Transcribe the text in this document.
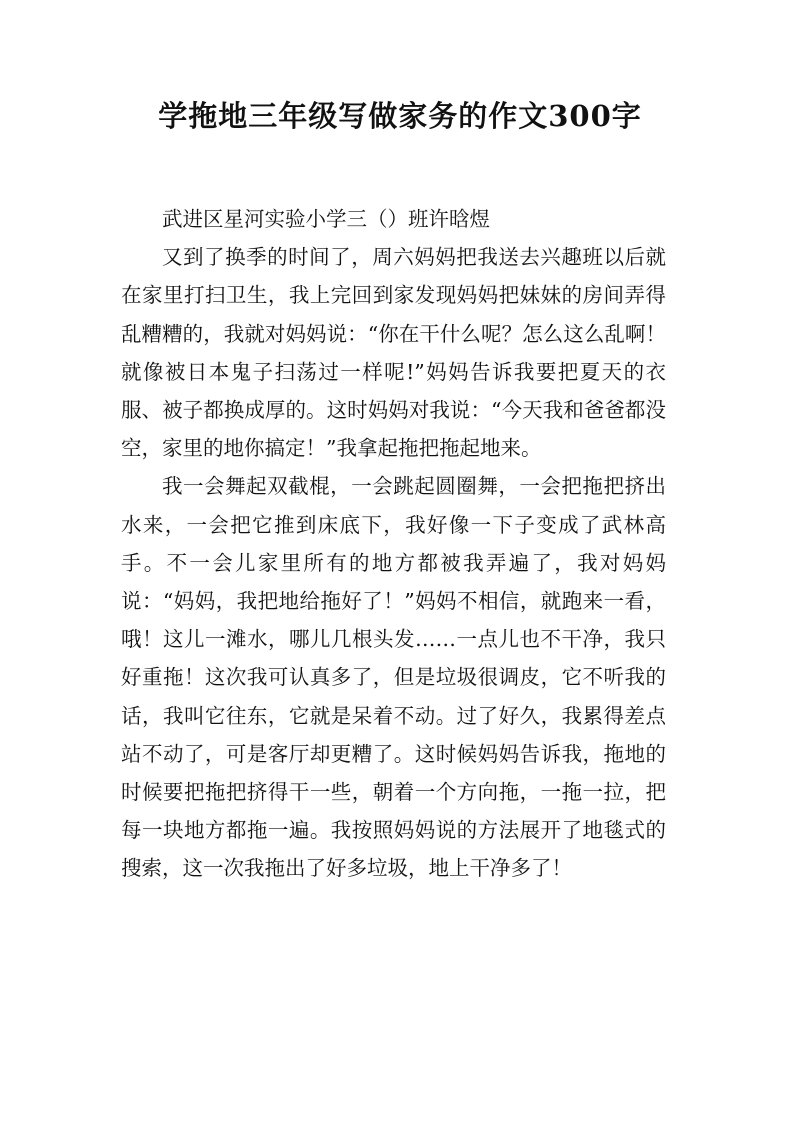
学拖地三年级写做家务的作文300字

武进区星河实验小学三（）班许晗煜

又到了换季的时间了，周六妈妈把我送去兴趣班以后就在家里打扫卫生，我上完回到家发现妈妈把妹妹的房间弄得乱糟糟的，我就对妈妈说：“你在干什么呢？怎么这么乱啊！就像被日本鬼子扫荡过一样呢!”妈妈告诉我要把夏天的衣服、被子都换成厚的。这时妈妈对我说：“今天我和爸爸都没空，家里的地你搞定！”我拿起拖把拖起地来。

我一会舞起双截棍，一会跳起圆圈舞，一会把拖把挤出水来，一会把它推到床底下，我好像一下子变成了武林高手。不一会儿家里所有的地方都被我弄遍了，我对妈妈说：“妈妈，我把地给拖好了！”妈妈不相信，就跑来一看，哦！这儿一滩水，哪儿几根头发……一点儿也不干净，我只好重拖！这次我可认真多了，但是垃圾很调皮，它不听我的话，我叫它往东，它就是呆着不动。过了好久，我累得差点站不动了，可是客厅却更糟了。这时候妈妈告诉我，拖地的时候要把拖把挤得干一些，朝着一个方向拖，一拖一拉，把每一块地方都拖一遍。我按照妈妈说的方法展开了地毯式的搜索，这一次我拖出了好多垃圾，地上干净多了！
